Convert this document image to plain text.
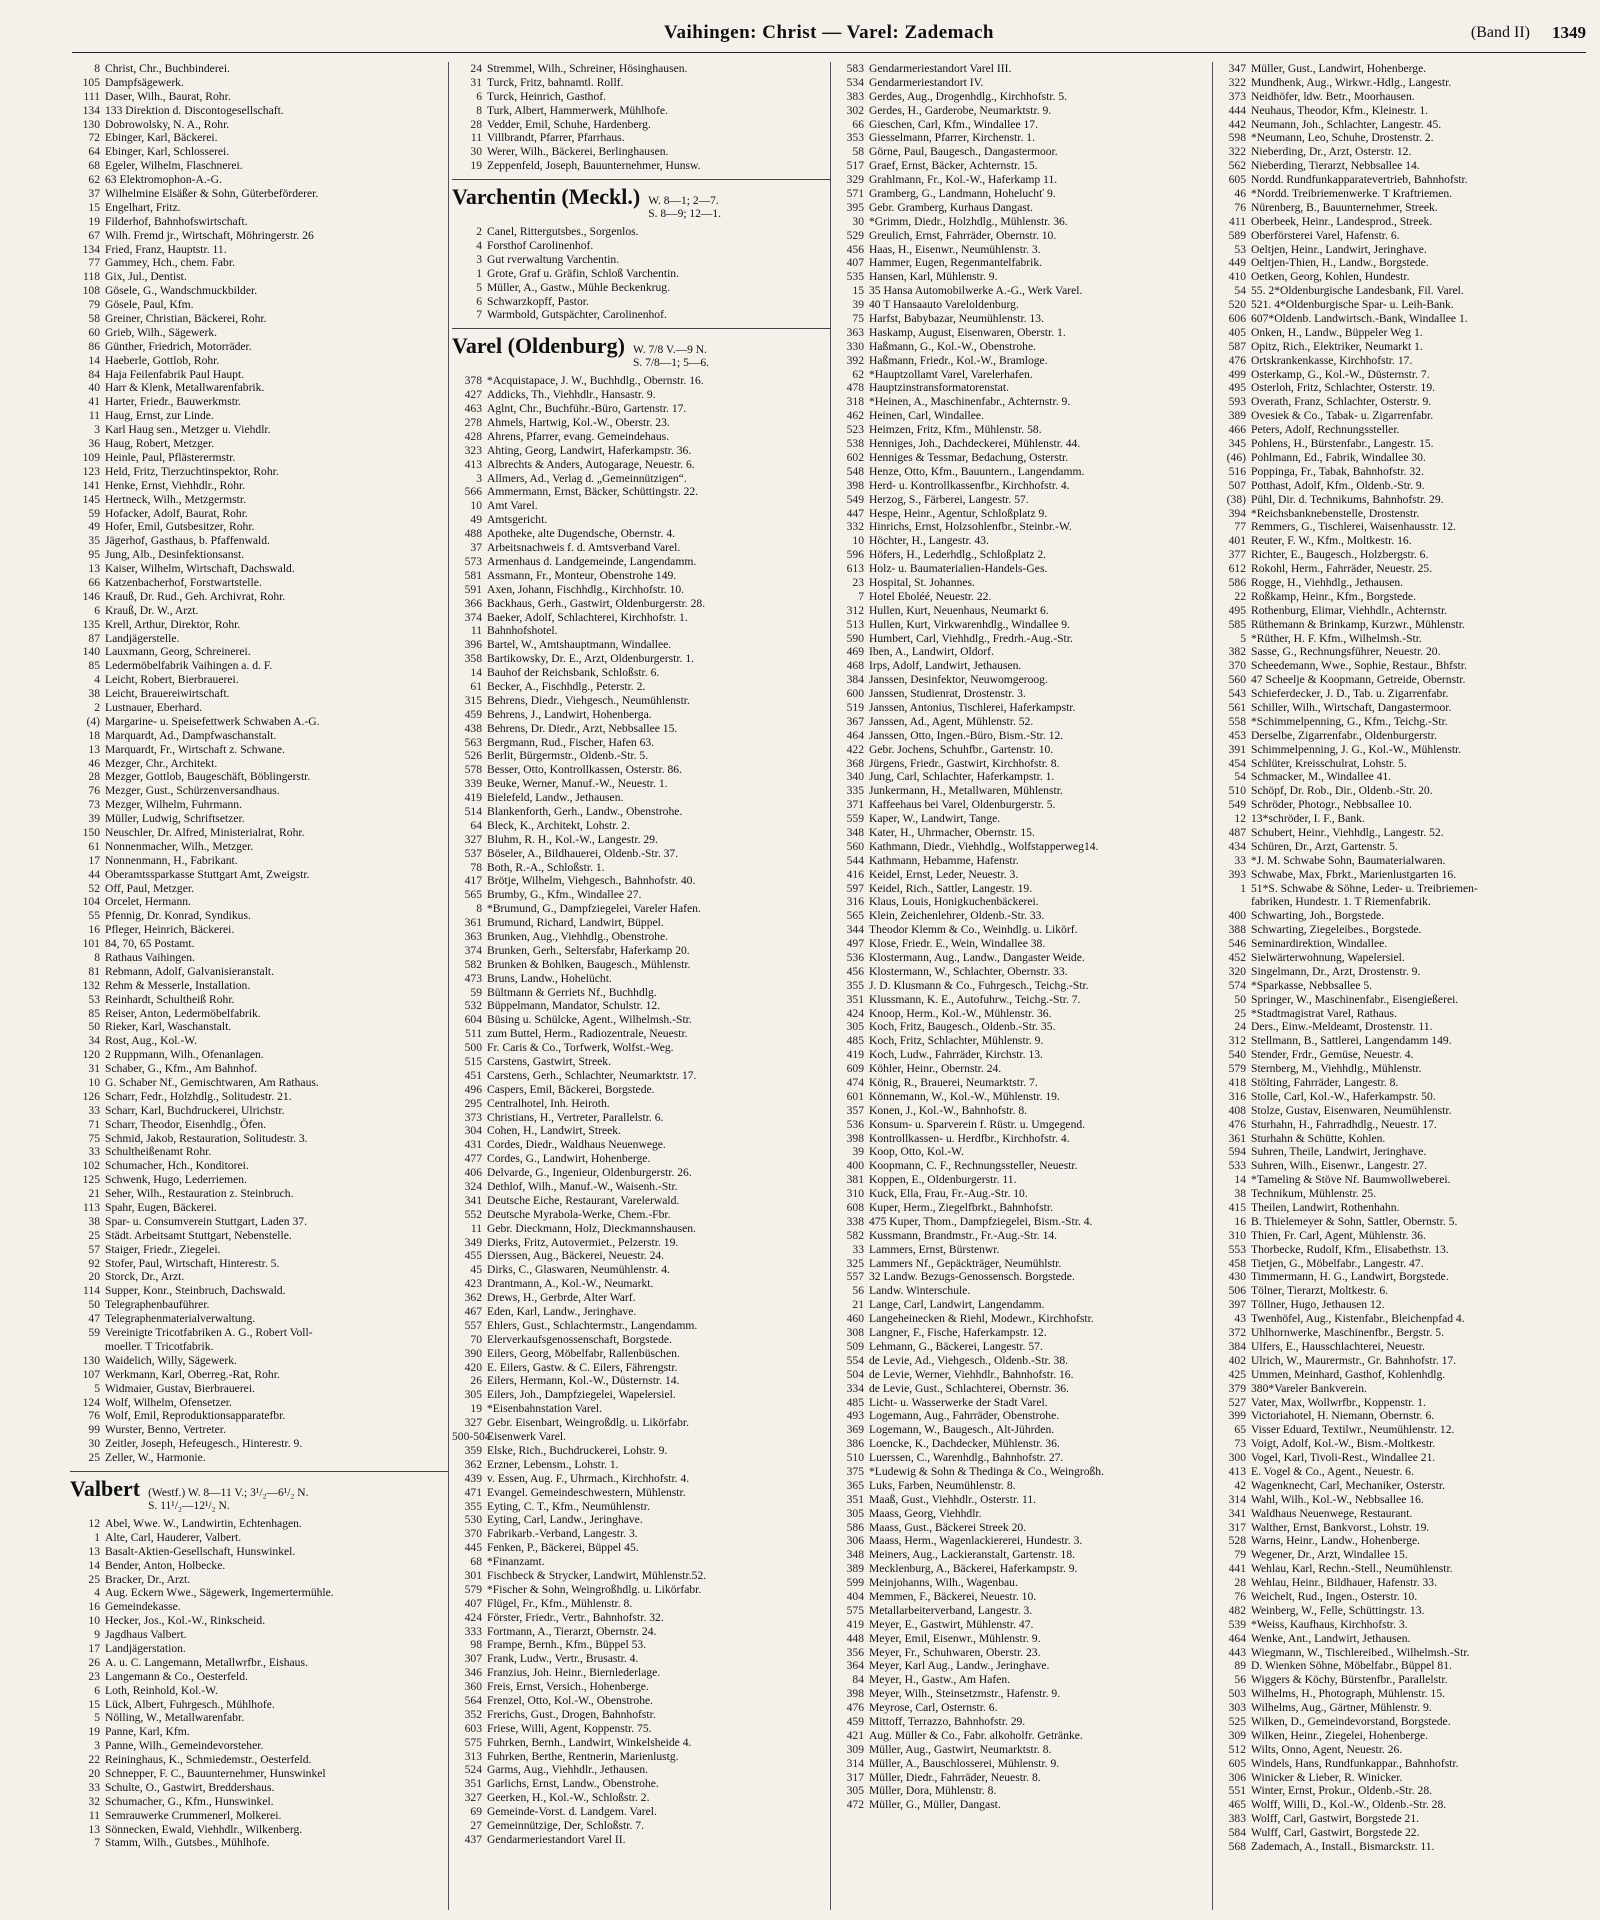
Vaihingen: Christ — Varel: Zademach	(Band II) 1349
8 Christ, Chr., Buchbinderei.
105 Dampfsägewerk.
111 Daser, Wilh., Baurat, Rohr.
134 133 Direktion d. Discontogesellschaft.
130 Dobrowolsky, N. A., Rohr.
72 Ebinger, Karl, Bäckerei.
64 Ebinger, Karl, Schlosserei.
68 Egeler, Wilhelm, Flaschnerei.
62 63 Elektromophon-A.-G.
37 Wilhelmine Elsäßer & Sohn, Güterbeförderer.
15 Engelhart, Fritz.
19 Filderhof, Bahnhofswirtschaft.
67 Wilh. Fremd jr., Wirtschaft, Möhringerstr. 26
134 Fried, Franz, Hauptstr. 11.
77 Gammey, Hch., chem. Fabr.
118 Gix, Jul., Dentist.
108 Gösele, G., Wandschmuckbilder.
79 Gösele, Paul, Kfm.
58 Greiner, Christian, Bäckerei, Rohr.
60 Grieb, Wilh., Sägewerk.
86 Günther, Friedrich, Motorräder.
14 Haeberle, Gottlob, Rohr.
84 Haja Feilenfabrik Paul Haupt.
40 Harr & Klenk, Metallwarenfabrik.
41 Harter, Friedr., Bauwerkmstr.
11 Haug, Ernst, zur Linde.
3 Karl Haug sen., Metzger u. Viehdlr.
36 Haug, Robert, Metzger.
109 Heinle, Paul, Pflästerermstr.
123 Held, Fritz, Tierzuchtinspektor, Rohr.
141 Henke, Ernst, Viehhdlr., Rohr.
145 Hertneck, Wilh., Metzgermstr.
59 Hofacker, Adolf, Baurat, Rohr.
49 Hofer, Emil, Gutsbesitzer, Rohr.
35 Jägerhof, Gasthaus, b. Pfaffenwald.
95 Jung, Alb., Desinfektionsanst.
13 Kaiser, Wilhelm, Wirtschaft, Dachswald.
66 Katzenbacherhof, Forstwartstelle.
146 Krauß, Dr. Rud., Geh. Archivrat, Rohr.
6 Krauß, Dr. W., Arzt.
135 Krell, Arthur, Direktor, Rohr.
87 Landjägerstelle.
140 Lauxmann, Georg, Schreinerei.
85 Ledermöbelfabrik Vaihingen a. d. F.
4 Leicht, Robert, Bierbrauerei.
38 Leicht, Brauereiwirtschaft.
2 Lustnauer, Eberhard.
(4) Margarine- u. Speisefettwerk Schwaben A.-G.
18 Marquardt, Ad., Dampfwaschanstalt.
13 Marquardt, Fr., Wirtschaft z. Schwane.
46 Mezger, Chr., Architekt.
28 Mezger, Gottlob, Baugeschäft, Böblingerstr.
76 Mezger, Gust., Schürzenversandhaus.
73 Mezger, Wilhelm, Fuhrmann.
39 Müller, Ludwig, Schriftsetzer.
150 Neuschler, Dr. Alfred, Ministerialrat, Rohr.
61 Nonnenmacher, Wilh., Metzger.
17 Nonnenmann, H., Fabrikant.
44 Oberamtssparkasse Stuttgart Amt, Zweigstr.
52 Off, Paul, Metzger.
104 Orcelet, Hermann.
55 Pfennig, Dr. Konrad, Syndikus.
16 Pfleger, Heinrich, Bäckerei.
101 84, 70, 65 Postamt.
8 Rathaus Vaihingen.
81 Rebmann, Adolf, Galvanisieranstalt.
132 Rehm & Messerle, Installation.
53 Reinhardt, Schultheiß Rohr.
85 Reiser, Anton, Ledermöbelfabrik.
50 Rieker, Karl, Waschanstalt.
34 Rost, Aug., Kol.-W.
120 2 Ruppmann, Wilh., Ofenanlagen.
31 Schaber, G., Kfm., Am Bahnhof.
10 G. Schaber Nf., Gemischtwaren, Am Rathaus.
126 Scharr, Fedr., Holzhdlg., Solitudestr. 21.
33 Scharr, Karl, Buchdruckerei, Ulrichstr.
71 Scharr, Theodor, Eisenhdlg., Öfen.
75 Schmid, Jakob, Restauration, Solitudestr. 3.
33 Schultheißenamt Rohr.
102 Schumacher, Hch., Konditorei.
125 Schwenk, Hugo, Lederriemen.
21 Seher, Wilh., Restauration z. Steinbruch.
113 Spahr, Eugen, Bäckerei.
38 Spar- u. Consumverein Stuttgart, Laden 37.
25 Städt. Arbeitsamt Stuttgart, Nebenstelle.
57 Staiger, Friedr., Ziegelei.
92 Stofer, Paul, Wirtschaft, Hinterestr. 5.
20 Storck, Dr., Arzt.
114 Supper, Konr., Steinbruch, Dachswald.
50 Telegraphenbauführer.
47 Telegraphenmaterialverwaltung.
59 Vereinigte Tricotfabriken A. G., Robert Voll-
moeller. T Tricotfabrik.
130 Waidelich, Willy, Sägewerk.
107 Werkmann, Karl, Oberreg.-Rat, Rohr.
5 Widmaier, Gustav, Bierbrauerei.
124 Wolf, Wilhelm, Ofensetzer.
76 Wolf, Emil, Reproduktionsapparatefbr.
99 Wurster, Benno, Vertreter.
30 Zeitler, Joseph, Hefeugesch., Hinterestr. 9.
25 Zeller, W., Harmonie.
Valbert (Westf.) W. 8—11 V.; 3¹/₂—6¹/₂ N.
S. 11¹/₂—12¹/₂ N.
12 Abel, Wwe. W., Landwirtin, Echtenhagen.
1 Alte, Carl, Hauderer, Valbert.
13 Basalt-Aktien-Gesellschaft, Hunswinkel.
14 Bender, Anton, Holbecke.
25 Bracker, Dr., Arzt.
4 Aug. Eckern Wwe., Sägewerk, Ingemertermühle.
16 Gemeindekasse.
10 Hecker, Jos., Kol.-W., Rinkscheid.
9 Jagdhaus Valbert.
17 Landjägerstation.
26 A. u. C. Langemann, Metallwrfbr., Eishaus.
23 Langemann & Co., Oesterfeld.
6 Loth, Reinhold, Kol.-W.
15 Lück, Albert, Fuhrgesch., Mühlhofe.
5 Nölling, W., Metallwarenfabr.
19 Panne, Karl, Kfm.
3 Panne, Wilh., Gemeindevorsteher.
22 Reininghaus, K., Schmiedemstr., Oesterfeld.
20 Schnepper, F. C., Bauunternehmer, Hunswinkel
33 Schulte, O., Gastwirt, Breddershaus.
32 Schumacher, G., Kfm., Hunswinkel.
11 Semrauwerke Crummenerl, Molkerei.
13 Sönnecken, Ewald, Viehhdlr., Wilkenberg.
7 Stamm, Wilh., Gutsbes., Mühlhofe.
24 Stremmel, Wilh., Schreiner, Hösinghausen.
31 Turck, Fritz, bahnamtl. Rollf.
6 Turck, Heinrich, Gasthof.
8 Turk, Albert, Hammerwerk, Mühlhofe.
28 Vedder, Emil, Schuhe, Hardenberg.
11 Villbrandt, Pfarrer, Pfarrhaus.
30 Werer, Wilh., Bäckerei, Berlinghausen.
19 Zeppenfeld, Joseph, Bauunternehmer, Hunsw.
Varchentin (Meckl.) W. 8—1; 2—7.
S. 8—9; 12—1.
2 Canel, Rittergutsbes., Sorgenlos.
4 Forsthof Carolinenhof.
3 Gut rverwaltung Varchentin.
1 Grote, Graf u. Gräfin, Schloß Varchentin.
5 Müller, A., Gastw., Mühle Beckenkrug.
6 Schwarzkopff, Pastor.
7 Warmbold, Gutspächter, Carolinenhof.
Varel (Oldenburg) W. 7/8 V.—9 N.
S. 7/8—1; 5—6.
378 *Acquistapace, J. W., Buchhdlg., Obernstr. 16.
427 Addicks, Th., Viehhdlr., Hansastr. 9.
463 Aglnt, Chr., Buchführ.-Büro, Gartenstr. 17.
278 Ahmels, Hartwig, Kol.-W., Oberstr. 23.
428 Ahrens, Pfarrer, evang. Gemeindehaus.
323 Ahting, Georg, Landwirt, Haferkampstr. 36.
413 Albrechts & Anders, Autogarage, Neuestr. 6.
3 Allmers, Ad., Verlag d. „Gemeinnützigen“.
566 Ammermann, Ernst, Bäcker, Schüttingstr. 22.
10 Amt Varel.
49 Amtsgericht.
488 Apotheke, alte Dugendsche, Obernstr. 4.
37 Arbeitsnachweis f. d. Amtsverband Varel.
573 Armenhaus d. Landgemeinde, Langendamm.
581 Assmann, Fr., Monteur, Obenstrohe 149.
591 Axen, Johann, Fischhdlg., Kirchhofstr. 10.
366 Backhaus, Gerh., Gastwirt, Oldenburgerstr. 28.
374 Baeker, Adolf, Schlachterei, Kirchhofstr. 1.
11 Bahnhofshotel.
396 Bartel, W., Amtshauptmann, Windallee.
358 Bartikowsky, Dr. E., Arzt, Oldenburgerstr. 1.
14 Bauhof der Reichsbank, Schloßstr. 6.
61 Becker, A., Fischhdlg., Peterstr. 2.
315 Behrens, Diedr., Viehgesch., Neumühlenstr.
459 Behrens, J., Landwirt, Hohenberga.
438 Behrens, Dr. Diedr., Arzt, Nebbsallee 15.
563 Bergmann, Rud., Fischer, Hafen 63.
526 Berlit, Bürgermstr., Oldenb.-Str. 5.
578 Besser, Otto, Kontrollkassen, Osterstr. 86.
339 Beuke, Werner, Manuf.-W., Neuestr. 1.
419 Bielefeld, Landw., Jethausen.
514 Blankenforth, Gerh., Landw., Obenstrohe.
64 Bleck, K., Architekt, Lohstr. 2.
327 Bluhm, R. H., Kol.-W., Langestr. 29.
537 Böseler, A., Bildhauerei, Oldenb.-Str. 37.
78 Both, R.-A., Schloßstr. 1.
417 Brötje, Wilhelm, Viehgesch., Bahnhofstr. 40.
565 Brumby, G., Kfm., Windallee 27.
8 *Brumund, G., Dampfziegelei, Vareler Hafen.
361 Brumund, Richard, Landwirt, Büppel.
363 Brunken, Aug., Viehhdlg., Obenstrohe.
374 Brunken, Gerh., Seltersfabr, Haferkamp 20.
582 Brunken & Bohlken, Baugesch., Mühlenstr.
473 Bruns, Landw., Hohelücht.
59 Bültmann & Gerriets Nf., Buchhdlg.
532 Büppelmann, Mandator, Schulstr. 12.
604 Büsing u. Schülcke, Agent., Wilhelmsh.-Str.
511 zum Buttel, Herm., Radiozentrale, Neuestr.
500 Fr. Caris & Co., Torfwerk, Wolfst.-Weg.
515 Carstens, Gastwirt, Streek.
451 Carstens, Gerh., Schlachter, Neumarktstr. 17.
496 Caspers, Emil, Bäckerei, Borgstede.
295 Centralhotel, Inh. Heiroth.
373 Christians, H., Vertreter, Parallelstr. 6.
304 Cohen, H., Landwirt, Streek.
431 Cordes, Diedr., Waldhaus Neuenwege.
477 Cordes, G., Landwirt, Hohenberge.
406 Delvarde, G., Ingenieur, Oldenburgerstr. 26.
324 Dethlof, Wilh., Manuf.-W., Waisenh.-Str.
341 Deutsche Eiche, Restaurant, Varelerwald.
552 Deutsche Myrabola-Werke, Chem.-Fbr.
11 Gebr. Dieckmann, Holz, Dieckmannshausen.
349 Dierks, Fritz, Autovermiet., Pelzerstr. 19.
455 Dierssen, Aug., Bäckerei, Neuestr. 24.
45 Dirks, C., Glaswaren, Neumühlenstr. 4.
423 Drantmann, A., Kol.-W., Neumarkt.
362 Drews, H., Gerbrde, Alter Warf.
467 Eden, Karl, Landw., Jeringhave.
557 Ehlers, Gust., Schlachtermstr., Langendamm.
70 Elerverkaufsgenossenschaft, Borgstede.
390 Eilers, Georg, Möbelfabr, Rallenbüschen.
420 E. Eilers, Gastw. & C. Eilers, Fährengstr.
26 Eilers, Hermann, Kol.-W., Düsternstr. 14.
305 Eilers, Joh., Dampfziegelei, Wapelersiel.
19 *Eisenbahnstation Varel.
327 Gebr. Eisenbart, Weingroßdlg. u. Likörfabr.
500-504
Eisenwerk Varel.
359 Elske, Rich., Buchdruckerei, Lohstr. 9.
362 Erzner, Lebensm., Lohstr. 1.
439 v. Essen, Aug. F., Uhrmach., Kirchhofstr. 4.
471 Evangel. Gemeindeschwestern, Mühlenstr.
355 Eyting, C. T., Kfm., Neumühlenstr.
530 Eyting, Carl, Landw., Jeringhave.
370 Fabrikarb.-Verband, Langestr. 3.
445 Fenken, P., Bäckerei, Büppel 45.
68 *Finanzamt.
301 Fischbeck & Strycker, Landwirt, Mühlenstr.52.
579 *Fischer & Sohn, Weingroßhdlg. u. Likörfabr.
407 Flügel, Fr., Kfm., Mühlenstr. 8.
424 Förster, Friedr., Vertr., Bahnhofstr. 32.
333 Fortmann, A., Tierarzt, Obernstr. 24.
98 Frampe, Bernh., Kfm., Büppel 53.
307 Frank, Ludw., Vertr., Brusastr. 4.
346 Franzius, Joh. Heinr., Biernlederlage.
360 Freis, Ernst, Versich., Hohenberge.
564 Frenzel, Otto, Kol.-W., Obenstrohe.
352 Frerichs, Gust., Drogen, Bahnhofstr.
603 Friese, Willi, Agent, Koppenstr. 75.
575 Fuhrken, Bernh., Landwirt, Winkelsheide 4.
313 Fuhrken, Berthe, Rentnerin, Marienlustg.
524 Garms, Aug., Viehhdlr., Jethausen.
351 Garlichs, Ernst, Landw., Obenstrohe.
327 Geerken, H., Kol.-W., Schloßstr. 2.
69 Gemeinde-Vorst. d. Landgem. Varel.
27 Gemeinnützige, Der, Schloßstr. 7.
437 Gendarmeriestandort Varel II.
583 Gendarmeriestandort Varel III.
534 Gendarmeriestandort IV.
383 Gerdes, Aug., Drogenhdlg., Kirchhofstr. 5.
302 Gerdes, H., Garderobe, Neumarktstr. 9.
66 Gieschen, Carl, Kfm., Windallee 17.
353 Giesselmann, Pfarrer, Kirchenstr. 1.
58 Görne, Paul, Baugesch., Dangastermoor.
517 Graef, Ernst, Bäcker, Achternstr. 15.
329 Grahlmann, Fr., Kol.-W., Haferkamp 11.
571 Gramberg, G., Landmann, Hoheluchť 9.
395 Gebr. Gramberg, Kurhaus Dangast.
30 *Grimm, Diedr., Holzhdlg., Mühlenstr. 36.
529 Greulich, Ernst, Fahrräder, Obernstr. 10.
456 Haas, H., Eisenwr., Neumühlenstr. 3.
407 Hammer, Eugen, Regenmantelfabrik.
535 Hansen, Karl, Mühlenstr. 9.
15 35 Hansa Automobilwerke A.-G., Werk Varel.
39 40 T Hansaauto Vareloldenburg.
75 Harfst, Babybazar, Neumühlenstr. 13.
363 Haskamp, August, Eisenwaren, Oberstr. 1.
330 Haßmann, G., Kol.-W., Obenstrohe.
392 Haßmann, Friedr., Kol.-W., Bramloge.
62 *Hauptzollamt Varel, Varelerhafen.
478 Hauptzinstransformatorenstat.
318 *Heinen, A., Maschinenfabr., Achternstr. 9.
462 Heinen, Carl, Windallee.
523 Heimzen, Fritz, Kfm., Mühlenstr. 58.
538 Henniges, Joh., Dachdeckerei, Mühlenstr. 44.
602 Henniges & Tessmar, Bedachung, Osterstr.
548 Henze, Otto, Kfm., Bauuntern., Langendamm.
398 Herd- u. Kontrollkassenfbr., Kirchhofstr. 4.
549 Herzog, S., Färberei, Langestr. 57.
447 Hespe, Heinr., Agentur, Schloßplatz 9.
332 Hinrichs, Ernst, Holzsohlenfbr., Steinbr.-W.
10 Höchter, H., Langestr. 43.
596 Höfers, H., Lederhdlg., Schloßplatz 2.
613 Holz- u. Baumaterialien-Handels-Ges.
23 Hospital, St. Johannes.
7 Hotel Eboléé, Neuestr. 22.
312 Hullen, Kurt, Neuenhaus, Neumarkt 6.
513 Hullen, Kurt, Virkwarenhdlg., Windallee 9.
590 Humbert, Carl, Viehhdlg., Fredrh.-Aug.-Str.
469 Iben, A., Landwirt, Oldorf.
468 Irps, Adolf, Landwirt, Jethausen.
384 Janssen, Desinfektor, Neuwomgeroog.
600 Janssen, Studienrat, Drostenstr. 3.
519 Janssen, Antonius, Tischlerei, Haferkampstr.
367 Janssen, Ad., Agent, Mühlenstr. 52.
464 Janssen, Otto, Ingen.-Büro, Bism.-Str. 12.
422 Gebr. Jochens, Schuhfbr., Gartenstr. 10.
368 Jürgens, Friedr., Gastwirt, Kirchhofstr. 8.
340 Jung, Carl, Schlachter, Haferkampstr. 1.
335 Junkermann, H., Metallwaren, Mühlenstr.
371 Kaffeehaus bei Varel, Oldenburgerstr. 5.
559 Kaper, W., Landwirt, Tange.
348 Kater, H., Uhrmacher, Obernstr. 15.
560 Kathmann, Diedr., Viehhdlg., Wolfstapperweg14.
544 Kathmann, Hebamme, Hafenstr.
416 Keidel, Ernst, Leder, Neuestr. 3.
597 Keidel, Rich., Sattler, Langestr. 19.
316 Klaus, Louis, Honigkuchenbäckerei.
565 Klein, Zeichenlehrer, Oldenb.-Str. 33.
344 Theodor Klemm & Co., Weinhdlg. u. Likörf.
497 Klose, Friedr. E., Wein, Windallee 38.
536 Klostermann, Aug., Landw., Dangaster Weide.
456 Klostermann, W., Schlachter, Obernstr. 33.
355 J. D. Klusmann & Co., Fuhrgesch., Teichg.-Str.
351 Klussmann, K. E., Autofuhrw., Teichg.-Str. 7.
424 Knoop, Herm., Kol.-W., Mühlenstr. 36.
305 Koch, Fritz, Baugesch., Oldenb.-Str. 35.
485 Koch, Fritz, Schlachter, Mühlenstr. 9.
419 Koch, Ludw., Fahrräder, Kirchstr. 13.
609 Köhler, Heinr., Obernstr. 24.
474 König, R., Brauerei, Neumarktstr. 7.
601 Könnemann, W., Kol.-W., Mühlenstr. 19.
357 Konen, J., Kol.-W., Bahnhofstr. 8.
536 Konsum- u. Sparverein f. Rüstr. u. Umgegend.
398 Kontrollkassen- u. Herdfbr., Kirchhofstr. 4.
39 Koop, Otto, Kol.-W.
400 Koopmann, C. F., Rechnungssteller, Neuestr.
381 Koppen, E., Oldenburgerstr. 11.
310 Kuck, Ella, Frau, Fr.-Aug.-Str. 10.
608 Kuper, Herm., Ziegelfbrkt., Bahnhofstr.
338 475 Kuper, Thom., Dampfziegelei, Bism.-Str. 4.
582 Kussmann, Brandmstr., Fr.-Aug.-Str. 14.
33 Lammers, Ernst, Bürstenwr.
325 Lammers Nf., Gepäckträger, Neumühlstr.
557 32 Landw. Bezugs-Genossensch. Borgstede.
56 Landw. Winterschule.
21 Lange, Carl, Landwirt, Langendamm.
460 Langeheinecken & Riehl, Modewr., Kirchhofstr.
308 Langner, F., Fische, Haferkampstr. 12.
509 Lehmann, G., Bäckerei, Langestr. 57.
554 de Levie, Ad., Viehgesch., Oldenb.-Str. 38.
504 de Levie, Werner, Viehhdlr., Bahnhofstr. 16.
334 de Levie, Gust., Schlachterei, Obernstr. 36.
485 Licht- u. Wasserwerke der Stadt Varel.
493 Logemann, Aug., Fahrräder, Obenstrohe.
369 Logemann, W., Baugesch., Alt-Jührden.
386 Loencke, K., Dachdecker, Mühlenstr. 36.
510 Luerssen, C., Warenhdlg., Bahnhofstr. 27.
375 *Ludewig & Sohn & Thedinga & Co., Weingroßh.
365 Luks, Farben, Neumühlenstr. 8.
351 Maaß, Gust., Viehhdlr., Osterstr. 11.
305 Maass, Georg, Viehhdlr.
586 Maass, Gust., Bäckerei Streek 20.
306 Maass, Herm., Wagenlackiererei, Hundestr. 3.
348 Meiners, Aug., Lackieranstalt, Gartenstr. 18.
389 Mecklenburg, A., Bäckerei, Haferkampstr. 9.
599 Meinjohanns, Wilh., Wagenbau.
404 Memmen, F., Bäckerei, Neuestr. 10.
575 Metallarbeiterverband, Langestr. 3.
419 Meyer, E., Gastwirt, Mühlenstr. 47.
448 Meyer, Emil, Eisenwr., Mühlenstr. 9.
356 Meyer, Fr., Schuhwaren, Oberstr. 23.
364 Meyer, Karl Aug., Landw., Jeringhave.
84 Meyer, H., Gastw., Am Hafen.
398 Meyer, Wilh., Steinsetzmstr., Hafenstr. 9.
476 Meyrose, Carl, Osternstr. 6.
459 Mittoff, Terrazzo, Bahnhofstr. 29.
421 Aug. Müller & Co., Fabr. alkoholfr. Getränke.
309 Müller, Aug., Gastwirt, Neumarktstr. 8.
314 Müller, A., Bauschlosserei, Mühlenstr. 9.
317 Müller, Diedr., Fahrräder, Neuestr. 8.
305 Müller, Dora, Mühlenstr. 8.
472 Müller, G., Müller, Dangast.
347 Müller, Gust., Landwirt, Hohenberge.
322 Mundhenk, Aug., Wirkwr.-Hdlg., Langestr.
373 Neidhöfer, ldw. Betr., Moorhausen.
444 Neuhaus, Theodor, Kfm., Kleinestr. 1.
442 Neumann, Joh., Schlachter, Langestr. 45.
598 *Neumann, Leo, Schuhe, Drostenstr. 2.
322 Nieberding, Dr., Arzt, Osterstr. 12.
562 Nieberding, Tierarzt, Nebbsallee 14.
605 Nordd. Rundfunkapparatevertrieb, Bahnhofstr.
46 *Nordd. Treibriemenwerke. T Kraftriemen.
76 Nürenberg, B., Bauunternehmer, Streek.
411 Oberbeek, Heinr., Landesprod., Streek.
589 Oberförsterei Varel, Hafenstr. 6.
53 Oeltjen, Heinr., Landwirt, Jeringhave.
449 Oeltjen-Thien, H., Landw., Borgstede.
410 Oetken, Georg, Kohlen, Hundestr.
54 55. 2*Oldenburgische Landesbank, Fil. Varel.
520 521. 4*Oldenburgische Spar- u. Leih-Bank.
606 607*Oldenb. Landwirtsch.-Bank, Windallee 1.
405 Onken, H., Landw., Büppeler Weg 1.
587 Opitz, Rich., Elektriker, Neumarkt 1.
476 Ortskrankenkasse, Kirchhofstr. 17.
499 Osterkamp, G., Kol.-W., Düsternstr. 7.
495 Osterloh, Fritz, Schlachter, Osterstr. 19.
593 Overath, Franz, Schlachter, Osterstr. 9.
389 Ovesiek & Co., Tabak- u. Zigarrenfabr.
466 Peters, Adolf, Rechnungssteller.
345 Pohlens, H., Bürstenfabr., Langestr. 15.
(46) Pohlmann, Ed., Fabrik, Windallee 30.
516 Poppinga, Fr., Tabak, Bahnhofstr. 32.
507 Potthast, Adolf, Kfm., Oldenb.-Str. 9.
(38) Pühl, Dir. d. Technikums, Bahnhofstr. 29.
394 *Reichsbanknebenstelle, Drostenstr.
77 Remmers, G., Tischlerei, Waisenhausstr. 12.
401 Reuter, F. W., Kfm., Moltkestr. 16.
377 Richter, E., Baugesch., Holzbergstr. 6.
612 Rokohl, Herm., Fahrräder, Neuestr. 25.
586 Rogge, H., Viehhdlg., Jethausen.
22 Roßkamp, Heinr., Kfm., Borgstede.
495 Rothenburg, Elimar, Viehhdlr., Achternstr.
585 Rüthemann & Brinkamp, Kurzwr., Mühlenstr.
5 *Rüther, H. F. Kfm., Wilhelmsh.-Str.
382 Sasse, G., Rechnungsführer, Neuestr. 20.
370 Scheedemann, Wwe., Sophie, Restaur., Bhfstr.
560 47 Scheelje & Koopmann, Getreide, Obernstr.
543 Schieferdecker, J. D., Tab. u. Zigarrenfabr.
561 Schiller, Wilh., Wirtschaft, Dangastermoor.
558 *Schimmelpenning, G., Kfm., Teichg.-Str.
453 Derselbe, Zigarrenfabr., Oldenburgerstr.
391 Schimmelpenning, J. G., Kol.-W., Mühlenstr.
454 Schlüter, Kreisschulrat, Lohstr. 5.
54 Schmacker, M., Windallee 41.
510 Schöpf, Dr. Rob., Dir., Oldenb.-Str. 20.
549 Schröder, Photogr., Nebbsallee 10.
12 13*schröder, I. F., Bank.
487 Schubert, Heinr., Viehhdlg., Langestr. 52.
434 Schüren, Dr., Arzt, Gartenstr. 5.
33 *J. M. Schwabe Sohn, Baumaterialwaren.
393 Schwabe, Max, Fbrkt., Marienlustgarten 16.
1 51*S. Schwabe & Söhne, Leder- u. Treibriemen-
fabriken, Hundestr. 1. T Riemenfabrik.
400 Schwarting, Joh., Borgstede.
388 Schwarting, Ziegeleibes., Borgstede.
546 Seminardirektion, Windallee.
452 Sielwärterwohnung, Wapelersiel.
320 Singelmann, Dr., Arzt, Drostenstr. 9.
574 *Sparkasse, Nebbsallee 5.
50 Springer, W., Maschinenfabr., Eisengießerei.
25 *Stadtmagistrat Varel, Rathaus.
24 Ders., Einw.-Meldeamt, Drostenstr. 11.
312 Stellmann, B., Sattlerei, Langendamm 149.
540 Stender, Frdr., Gemüse, Neuestr. 4.
579 Sternberg, M., Viehhdlg., Mühlenstr.
418 Stölting, Fahrräder, Langestr. 8.
316 Stolle, Carl, Kol.-W., Haferkampstr. 50.
408 Stolze, Gustav, Eisenwaren, Neumühlenstr.
476 Sturhahn, H., Fahrradhdlg., Neuestr. 17.
361 Sturhahn & Schütte, Kohlen.
594 Suhren, Theile, Landwirt, Jeringhave.
533 Suhren, Wilh., Eisenwr., Langestr. 27.
14 *Tameling & Stöve Nf. Baumwollweberei.
38 Technikum, Mühlenstr. 25.
415 Theilen, Landwirt, Rothenhahn.
16 B. Thielemeyer & Sohn, Sattler, Obernstr. 5.
310 Thien, Fr. Carl, Agent, Mühlenstr. 36.
553 Thorbecke, Rudolf, Kfm., Elisabethstr. 13.
458 Tietjen, G., Möbelfabr., Langestr. 47.
430 Timmermann, H. G., Landwirt, Borgstede.
506 Tölner, Tierarzt, Moltkestr. 6.
397 Töllner, Hugo, Jethausen 12.
43 Twenhöfel, Aug., Kistenfabr., Bleichenpfad 4.
372 Uhlhornwerke, Maschinenfbr., Bergstr. 5.
384 Ulfers, E., Hausschlachterei, Neuestr.
402 Ulrich, W., Maurermstr., Gr. Bahnhofstr. 17.
425 Ummen, Meinhard, Gasthof, Kohlenhdlg.
379 380*Vareler Bankverein.
527 Vater, Max, Wollwrfbr., Koppenstr. 1.
399 Victoriahotel, H. Niemann, Obernstr. 6.
65 Visser Eduard, Textilwr., Neumühlenstr. 12.
73 Voigt, Adolf, Kol.-W., Bism.-Moltkestr.
300 Vogel, Karl, Tivoli-Rest., Windallee 21.
413 E. Vogel & Co., Agent., Neuestr. 6.
42 Wagenknecht, Carl, Mechaniker, Osterstr.
314 Wahl, Wilh., Kol.-W., Nebbsallee 16.
341 Waldhaus Neuenwege, Restaurant.
317 Walther, Ernst, Bankvorst., Lohstr. 19.
528 Warns, Heinr., Landw., Hohenberge.
79 Wegener, Dr., Arzt, Windallee 15.
441 Wehlau, Karl, Rechn.-Stell., Neumühlenstr.
28 Wehlau, Heinr., Bildhauer, Hafenstr. 33.
76 Weichelt, Rud., Ingen., Osterstr. 10.
482 Weinberg, W., Felle, Schüttingstr. 13.
539 *Weiss, Kaufhaus, Kirchhofstr. 3.
464 Wenke, Ant., Landwirt, Jethausen.
443 Wiegmann, W., Tischlereibed., Wilhelmsh.-Str.
89 D. Wienken Söhne, Möbelfabr., Büppel 81.
56 Wiggers & Köchy, Bürstenfbr., Parallelstr.
503 Wilhelms, H., Photograph, Mühlenstr. 15.
303 Wilhelms, Aug., Gärtner, Mühlenstr. 9.
525 Wilken, D., Gemeindevorstand, Borgstede.
309 Wilken, Heinr., Ziegelei, Hohenberge.
512 Wilts, Onno, Agent, Neuestr. 26.
605 Windels, Hans, Rundfunkappar., Bahnhofstr.
306 Winicker & Lieber, R. Winicker.
551 Winter, Ernst, Prokur., Oldenb.-Str. 28.
465 Wolff, Willi, D., Kol.-W., Oldenb.-Str. 28.
383 Wolff, Carl, Gastwirt, Borgstede 21.
584 Wulff, Carl, Gastwirt, Borgstede 22.
568 Zademach, A., Install., Bismarckstr. 11.
